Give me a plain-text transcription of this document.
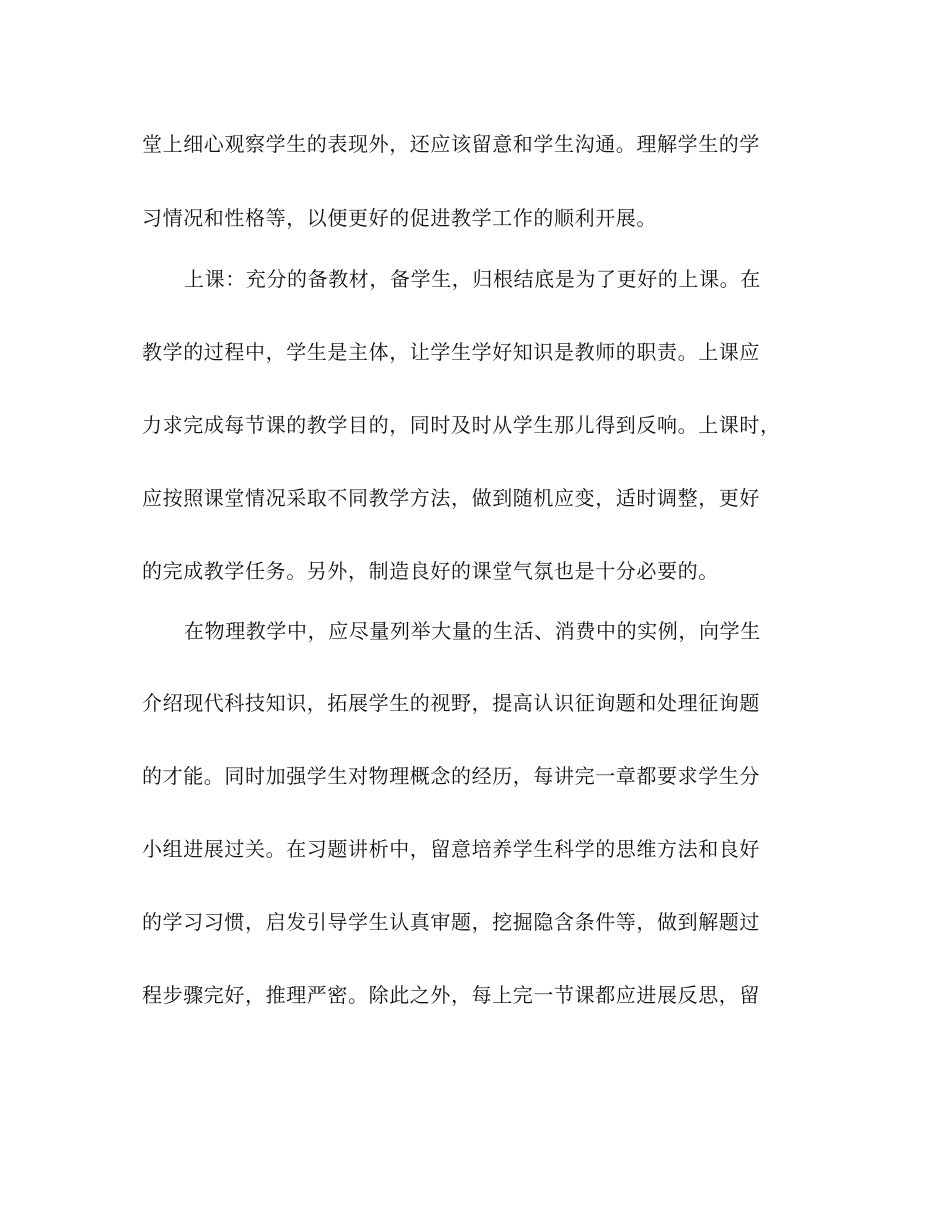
堂上细心观察学生的表现外，还应该留意和学生沟通。理解学生的学
习情况和性格等，以便更好的促进教学工作的顺利开展。
上课：充分的备教材，备学生，归根结底是为了更好的上课。在
教学的过程中，学生是主体，让学生学好知识是教师的职责。上课应
力求完成每节课的教学目的，同时及时从学生那儿得到反响。上课时，
应按照课堂情况采取不同教学方法，做到随机应变，适时调整，更好
的完成教学任务。另外，制造良好的课堂气氛也是十分必要的。
在物理教学中，应尽量列举大量的生活、消费中的实例，向学生
介绍现代科技知识，拓展学生的视野，提高认识征询题和处理征询题
的才能。同时加强学生对物理概念的经历，每讲完一章都要求学生分
小组进展过关。在习题讲析中，留意培养学生科学的思维方法和良好
的学习习惯，启发引导学生认真审题，挖掘隐含条件等，做到解题过
程步骤完好，推理严密。除此之外，每上完一节课都应进展反思，留
